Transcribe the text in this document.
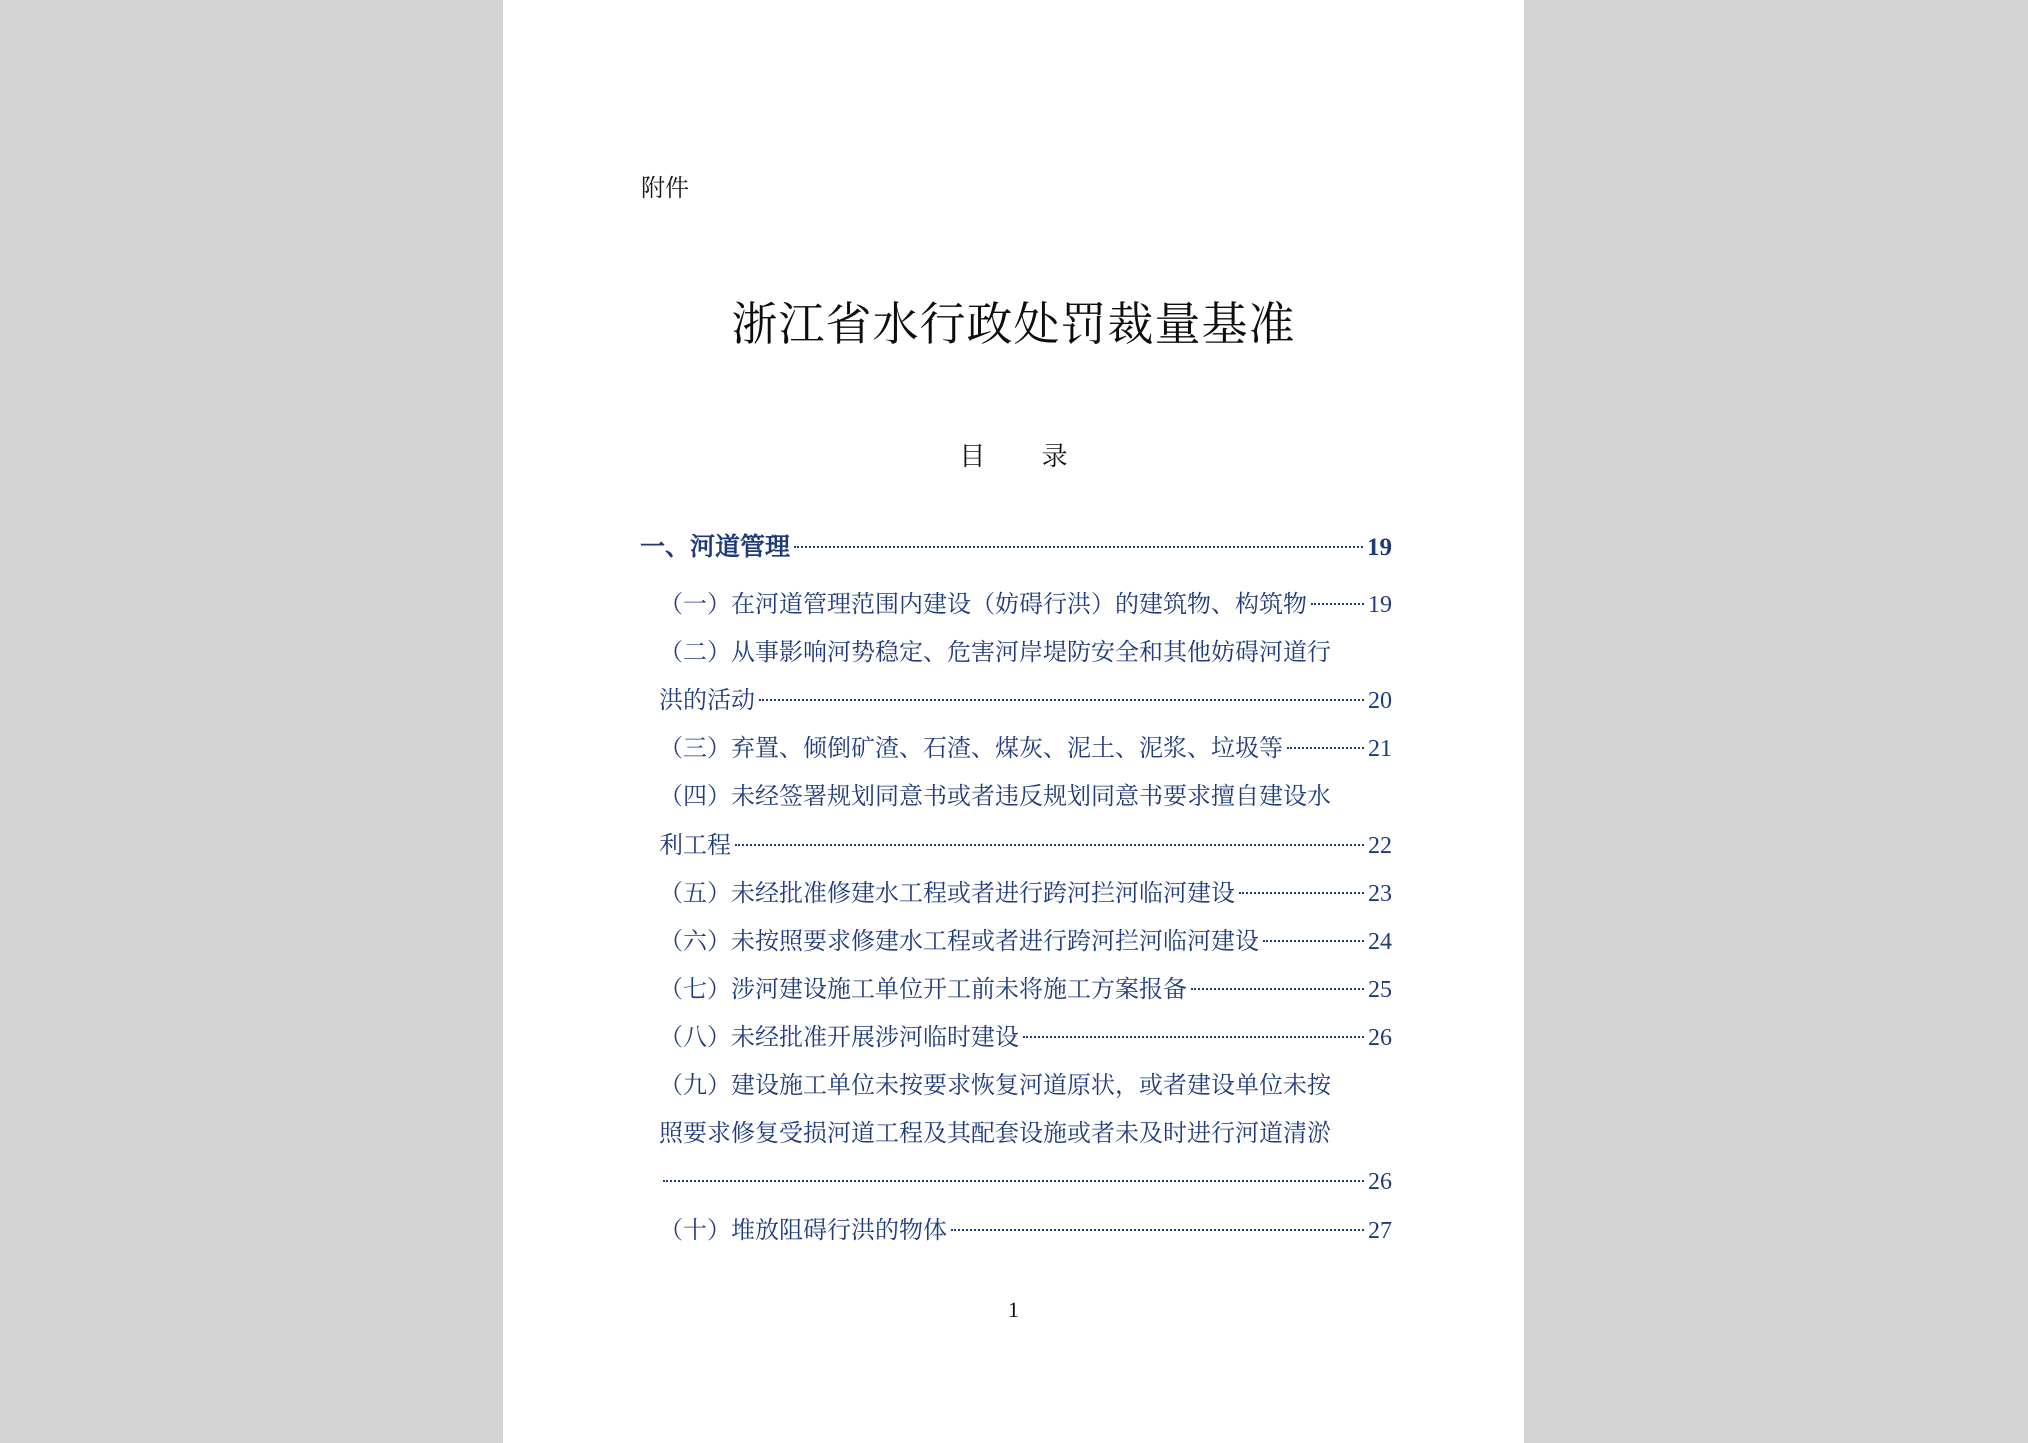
附件
浙江省水行政处罚裁量基准
目 录
一、河道管理	19
（一）在河道管理范围内建设（妨碍行洪）的建筑物、构筑物	19
（二）从事影响河势稳定、危害河岸堤防安全和其他妨碍河道行
洪的活动	20
（三）弃置、倾倒矿渣、石渣、煤灰、泥土、泥浆、垃圾等	21
（四）未经签署规划同意书或者违反规划同意书要求擅自建设水
利工程	22
（五）未经批准修建水工程或者进行跨河拦河临河建设	23
（六）未按照要求修建水工程或者进行跨河拦河临河建设	24
（七）涉河建设施工单位开工前未将施工方案报备	25
（八）未经批准开展涉河临时建设	26
（九）建设施工单位未按要求恢复河道原状，或者建设单位未按
照要求修复受损河道工程及其配套设施或者未及时进行河道清淤
26
（十）堆放阻碍行洪的物体	27
1
